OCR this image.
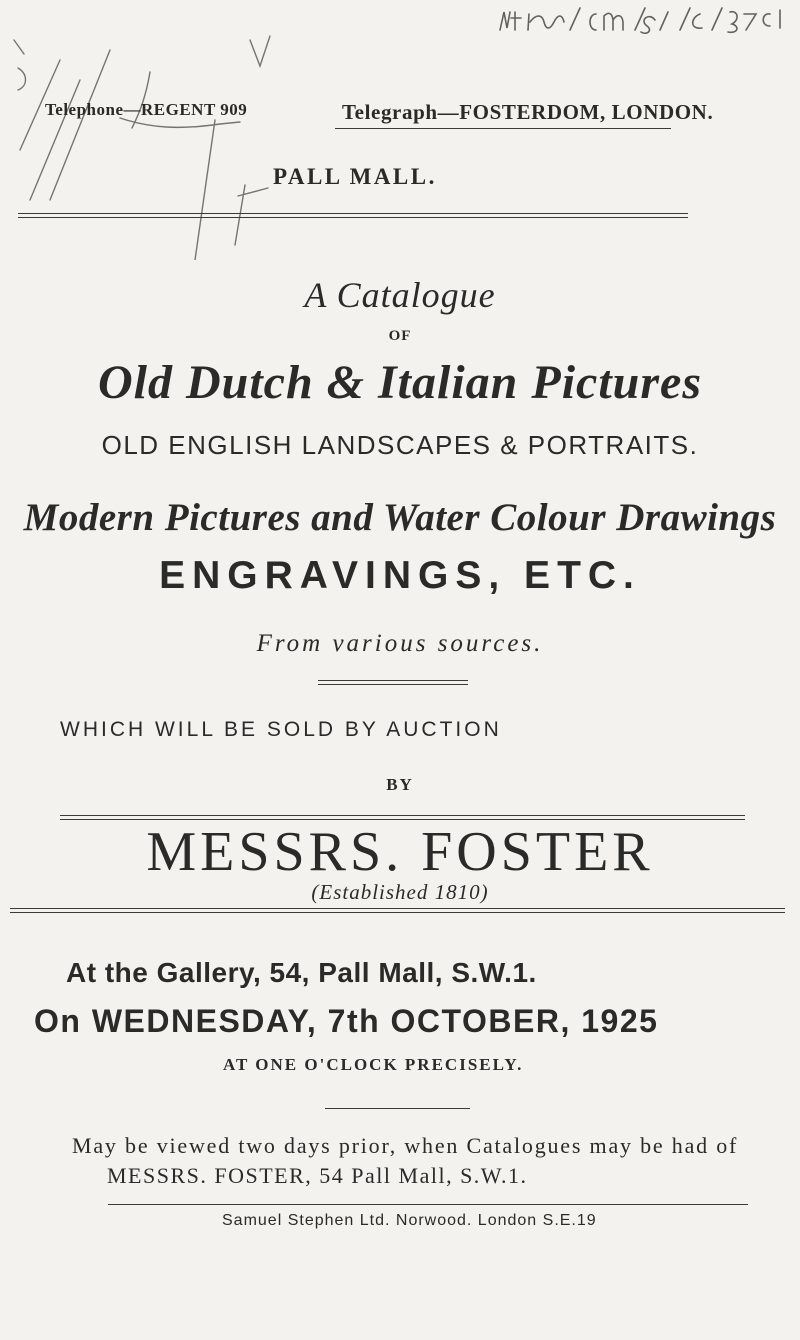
Telephone—REGENT 909	Telegraph—FOSTERDOM, LONDON.
PALL MALL.
A Catalogue
OF
Old Dutch & Italian Pictures
OLD ENGLISH LANDSCAPES & PORTRAITS.
Modern Pictures and Water Colour Drawings
ENGRAVINGS, ETC.
From various sources.
WHICH WILL BE SOLD BY AUCTION
BY
MESSRS. FOSTER
(Established 1810)
At the Gallery, 54, Pall Mall, S.W.1.
On WEDNESDAY, 7th OCTOBER, 1925
AT ONE O'CLOCK PRECISELY.
May be viewed two days prior, when Catalogues may be had of
MESSRS. FOSTER, 54 Pall Mall, S.W.1.
Samuel Stephen Ltd. Norwood. London S.E.19
